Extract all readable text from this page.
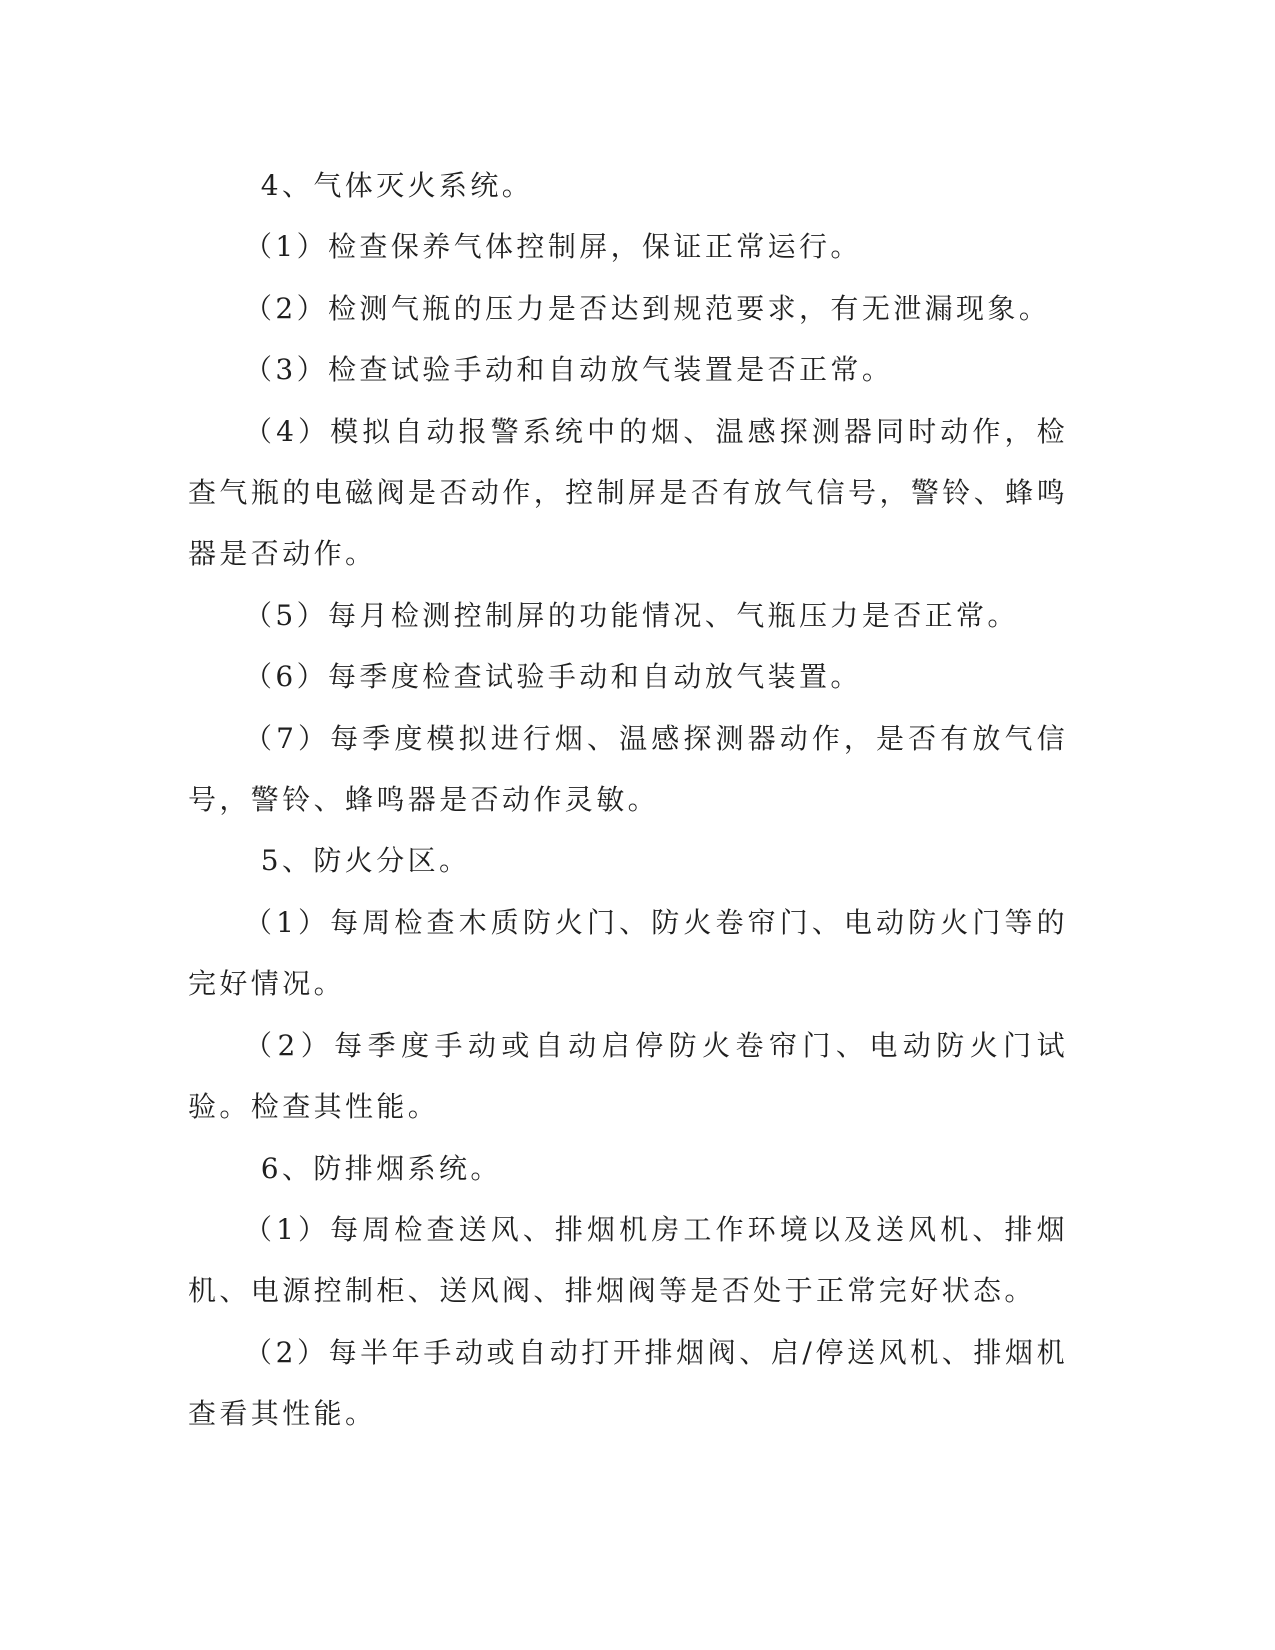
4、气体灭火系统。

（1）检查保养气体控制屏，保证正常运行。

（2）检测气瓶的压力是否达到规范要求，有无泄漏现象。

（3）检查试验手动和自动放气装置是否正常。

（4）模拟自动报警系统中的烟、温感探测器同时动作，检查气瓶的电磁阀是否动作，控制屏是否有放气信号，警铃、蜂鸣器是否动作。

（5）每月检测控制屏的功能情况、气瓶压力是否正常。

（6）每季度检查试验手动和自动放气装置。

（7）每季度模拟进行烟、温感探测器动作，是否有放气信号，警铃、蜂鸣器是否动作灵敏。

5、防火分区。

（1）每周检查木质防火门、防火卷帘门、电动防火门等的完好情况。

（2）每季度手动或自动启停防火卷帘门、电动防火门试验。检查其性能。

6、防排烟系统。

（1）每周检查送风、排烟机房工作环境以及送风机、排烟机、电源控制柜、送风阀、排烟阀等是否处于正常完好状态。

（2）每半年手动或自动打开排烟阀、启/停送风机、排烟机查看其性能。
